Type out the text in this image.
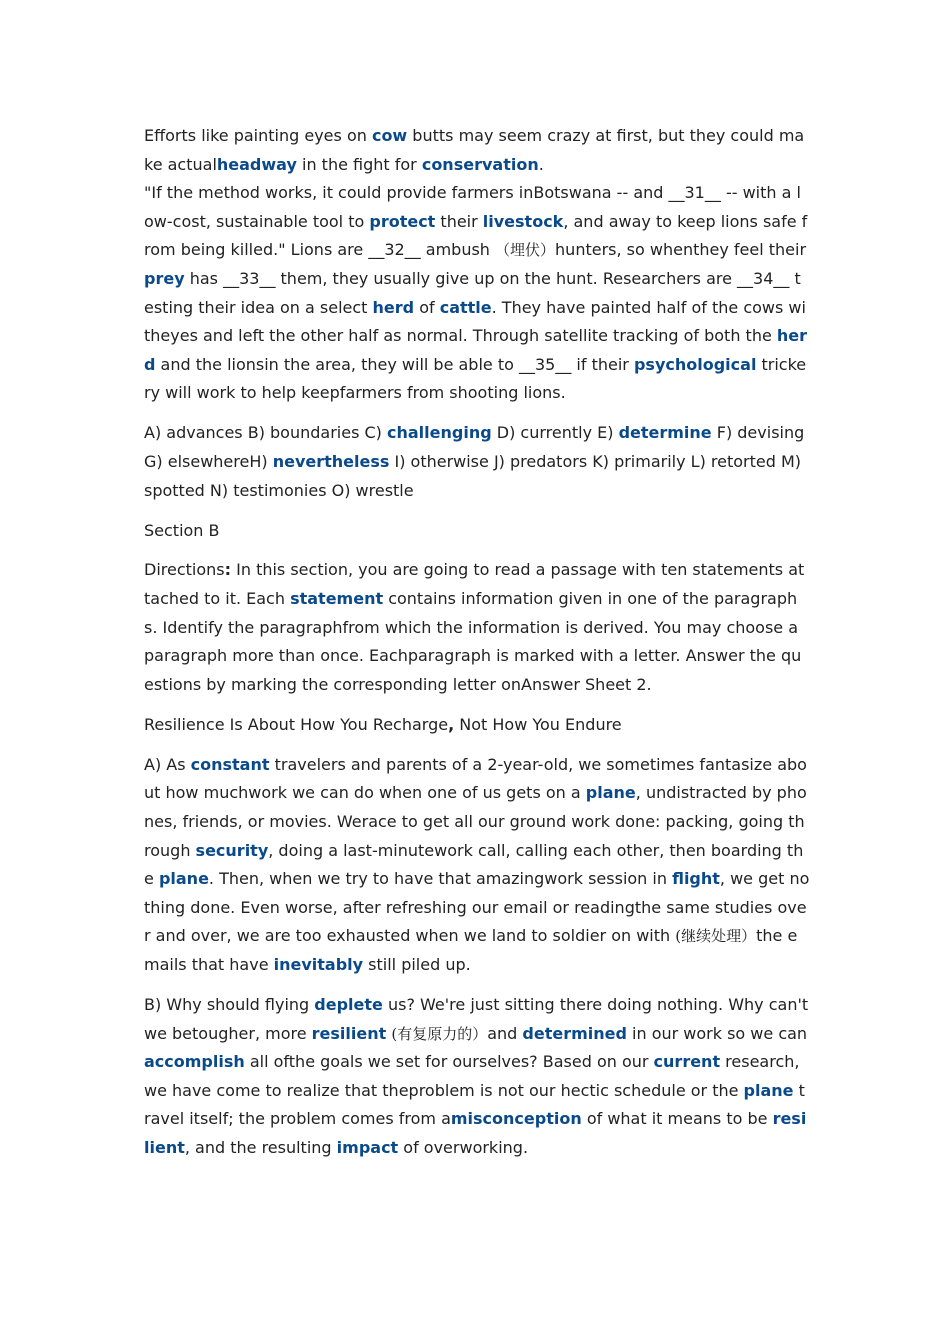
Efforts like painting eyes on cow butts may seem crazy at first, but they could make actualheadway in the fight for conservation.
"If the method works, it could provide farmers inBotswana -- and __31__ -- with a low-cost, sustainable tool to protect their livestock, and away to keep lions safe from being killed." Lions are __32__ ambush （埋伏）hunters, so whenthey feel their prey has __33__ them, they usually give up on the hunt. Researchers are __34__ testing their idea on a select herd of cattle. They have painted half of the cows witheyes and left the other half as normal. Through satellite tracking of both the herd and the lionsin the area, they will be able to __35__ if their psychological trickery will work to help keepfarmers from shooting lions.

A) advances B) boundaries C) challenging D) currently E) determine F) devising G) elsewhereH) nevertheless I) otherwise J) predators K) primarily L) retorted M) spotted N) testimonies O) wrestle

Section B

Directions: In this section, you are going to read a passage with ten statements attached to it. Each statement contains information given in one of the paragraphs. Identify the paragraphfrom which the information is derived. You may choose a paragraph more than once. Eachparagraph is marked with a letter. Answer the questions by marking the corresponding letter onAnswer Sheet 2.

Resilience Is About How You Recharge, Not How You Endure

A) As constant travelers and parents of a 2-year-old, we sometimes fantasize about how muchwork we can do when one of us gets on a plane, undistracted by phones, friends, or movies. Werace to get all our ground work done: packing, going through security, doing a last-minutework call, calling each other, then boarding the plane. Then, when we try to have that amazingwork session in flight, we get nothing done. Even worse, after refreshing our email or readingthe same studies over and over, we are too exhausted when we land to soldier on with (继续处理）the emails that have inevitably still piled up.

B) Why should flying deplete us? We're just sitting there doing nothing. Why can't we betougher, more resilient (有复原力的）and determined in our work so we can accomplish all ofthe goals we set for ourselves? Based on our current research, we have come to realize that theproblem is not our hectic schedule or the plane travel itself; the problem comes from amisconception of what it means to be resilient, and the resulting impact of overworking.
